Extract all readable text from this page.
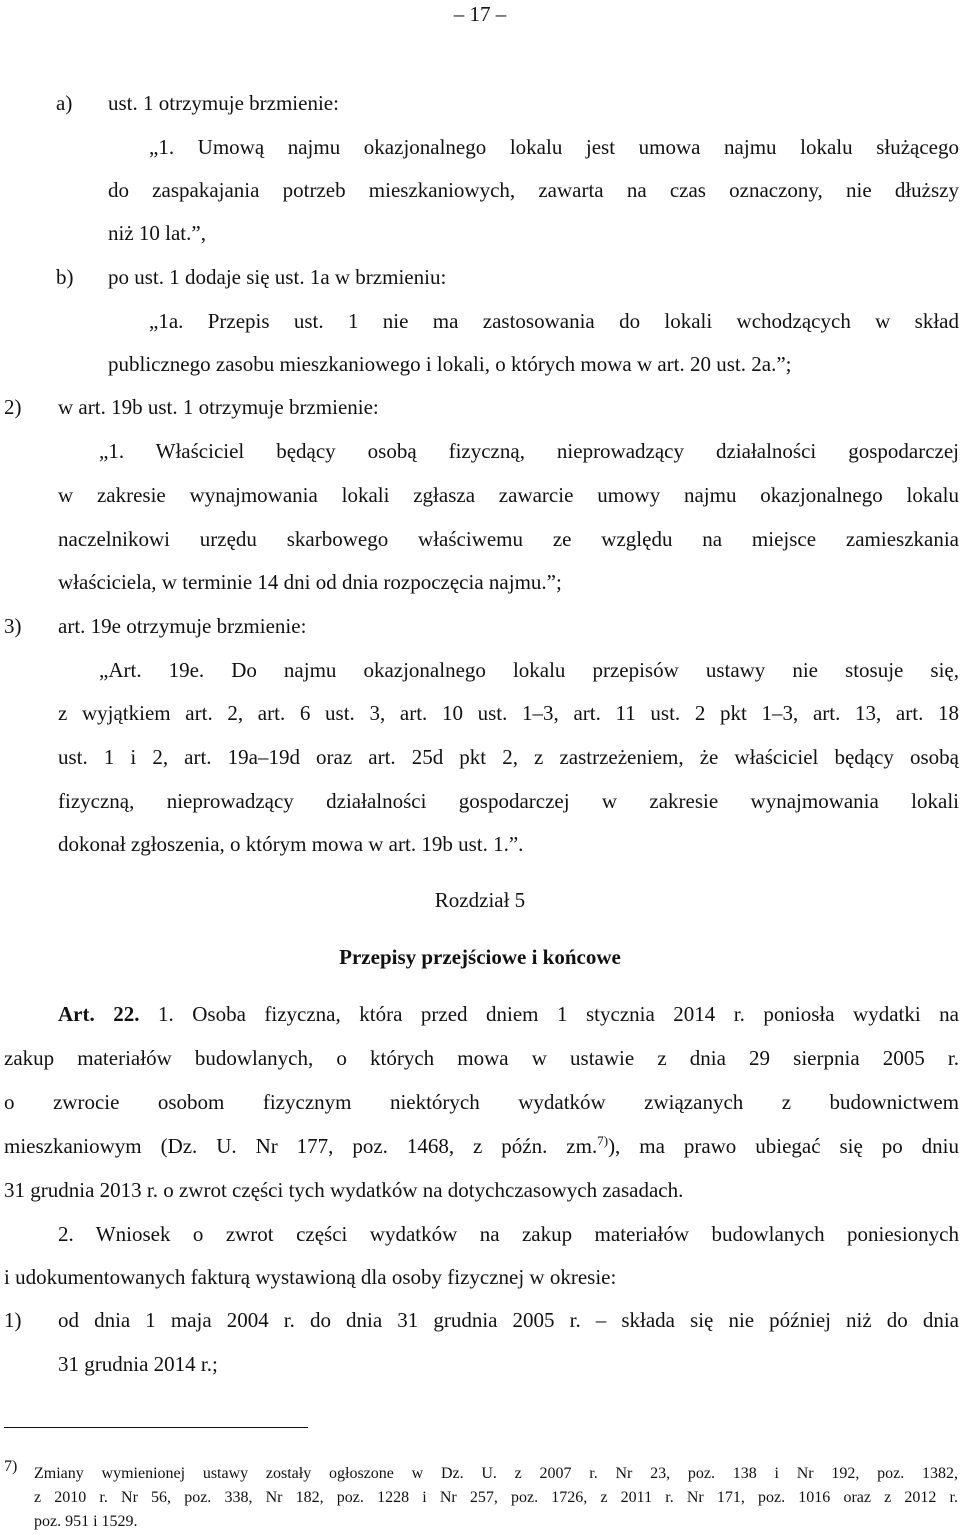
– 17 –
a) ust. 1 otrzymuje brzmienie:
„1. Umową najmu okazjonalnego lokalu jest umowa najmu lokalu służącego
do zaspakajania potrzeb mieszkaniowych, zawarta na czas oznaczony, nie dłuższy
niż 10 lat.”,
b) po ust. 1 dodaje się ust. 1a w brzmieniu:
„1a. Przepis ust. 1 nie ma zastosowania do lokali wchodzących w skład
publicznego zasobu mieszkaniowego i lokali, o których mowa w art. 20 ust. 2a.”;
2) w art. 19b ust. 1 otrzymuje brzmienie:
„1. Właściciel będący osobą fizyczną, nieprowadzący działalności gospodarczej
w zakresie wynajmowania lokali zgłasza zawarcie umowy najmu okazjonalnego lokalu
naczelnikowi urzędu skarbowego właściwemu ze względu na miejsce zamieszkania
właściciela, w terminie 14 dni od dnia rozpoczęcia najmu.”;
3) art. 19e otrzymuje brzmienie:
„Art. 19e. Do najmu okazjonalnego lokalu przepisów ustawy nie stosuje się,
z wyjątkiem art. 2, art. 6 ust. 3, art. 10 ust. 1–3, art. 11 ust. 2 pkt 1–3, art. 13, art. 18
ust. 1 i 2, art. 19a–19d oraz art. 25d pkt 2, z zastrzeżeniem, że właściciel będący osobą
fizyczną, nieprowadzący działalności gospodarczej w zakresie wynajmowania lokali
dokonał zgłoszenia, o którym mowa w art. 19b ust. 1.”.
Rozdział 5
Przepisy przejściowe i końcowe
Art. 22. 1. Osoba fizyczna, która przed dniem 1 stycznia 2014 r. poniosła wydatki na
zakup materiałów budowlanych, o których mowa w ustawie z dnia 29 sierpnia 2005 r.
o zwrocie osobom fizycznym niektórych wydatków związanych z budownictwem
mieszkaniowym (Dz. U. Nr 177, poz. 1468, z późn. zm.$^{7)}$), ma prawo ubiegać się po dniu
31 grudnia 2013 r. o zwrot części tych wydatków na dotychczasowych zasadach.
2. Wniosek o zwrot części wydatków na zakup materiałów budowlanych poniesionych
i udokumentowanych fakturą wystawioną dla osoby fizycznej w okresie:
1) od dnia 1 maja 2004 r. do dnia 31 grudnia 2005 r. – składa się nie później niż do dnia
31 grudnia 2014 r.;
7) Zmiany wymienionej ustawy zostały ogłoszone w Dz. U. z 2007 r. Nr 23, poz. 138 i Nr 192, poz. 1382,
z 2010 r. Nr 56, poz. 338, Nr 182, poz. 1228 i Nr 257, poz. 1726, z 2011 r. Nr 171, poz. 1016 oraz z 2012 r.
poz. 951 i 1529.
